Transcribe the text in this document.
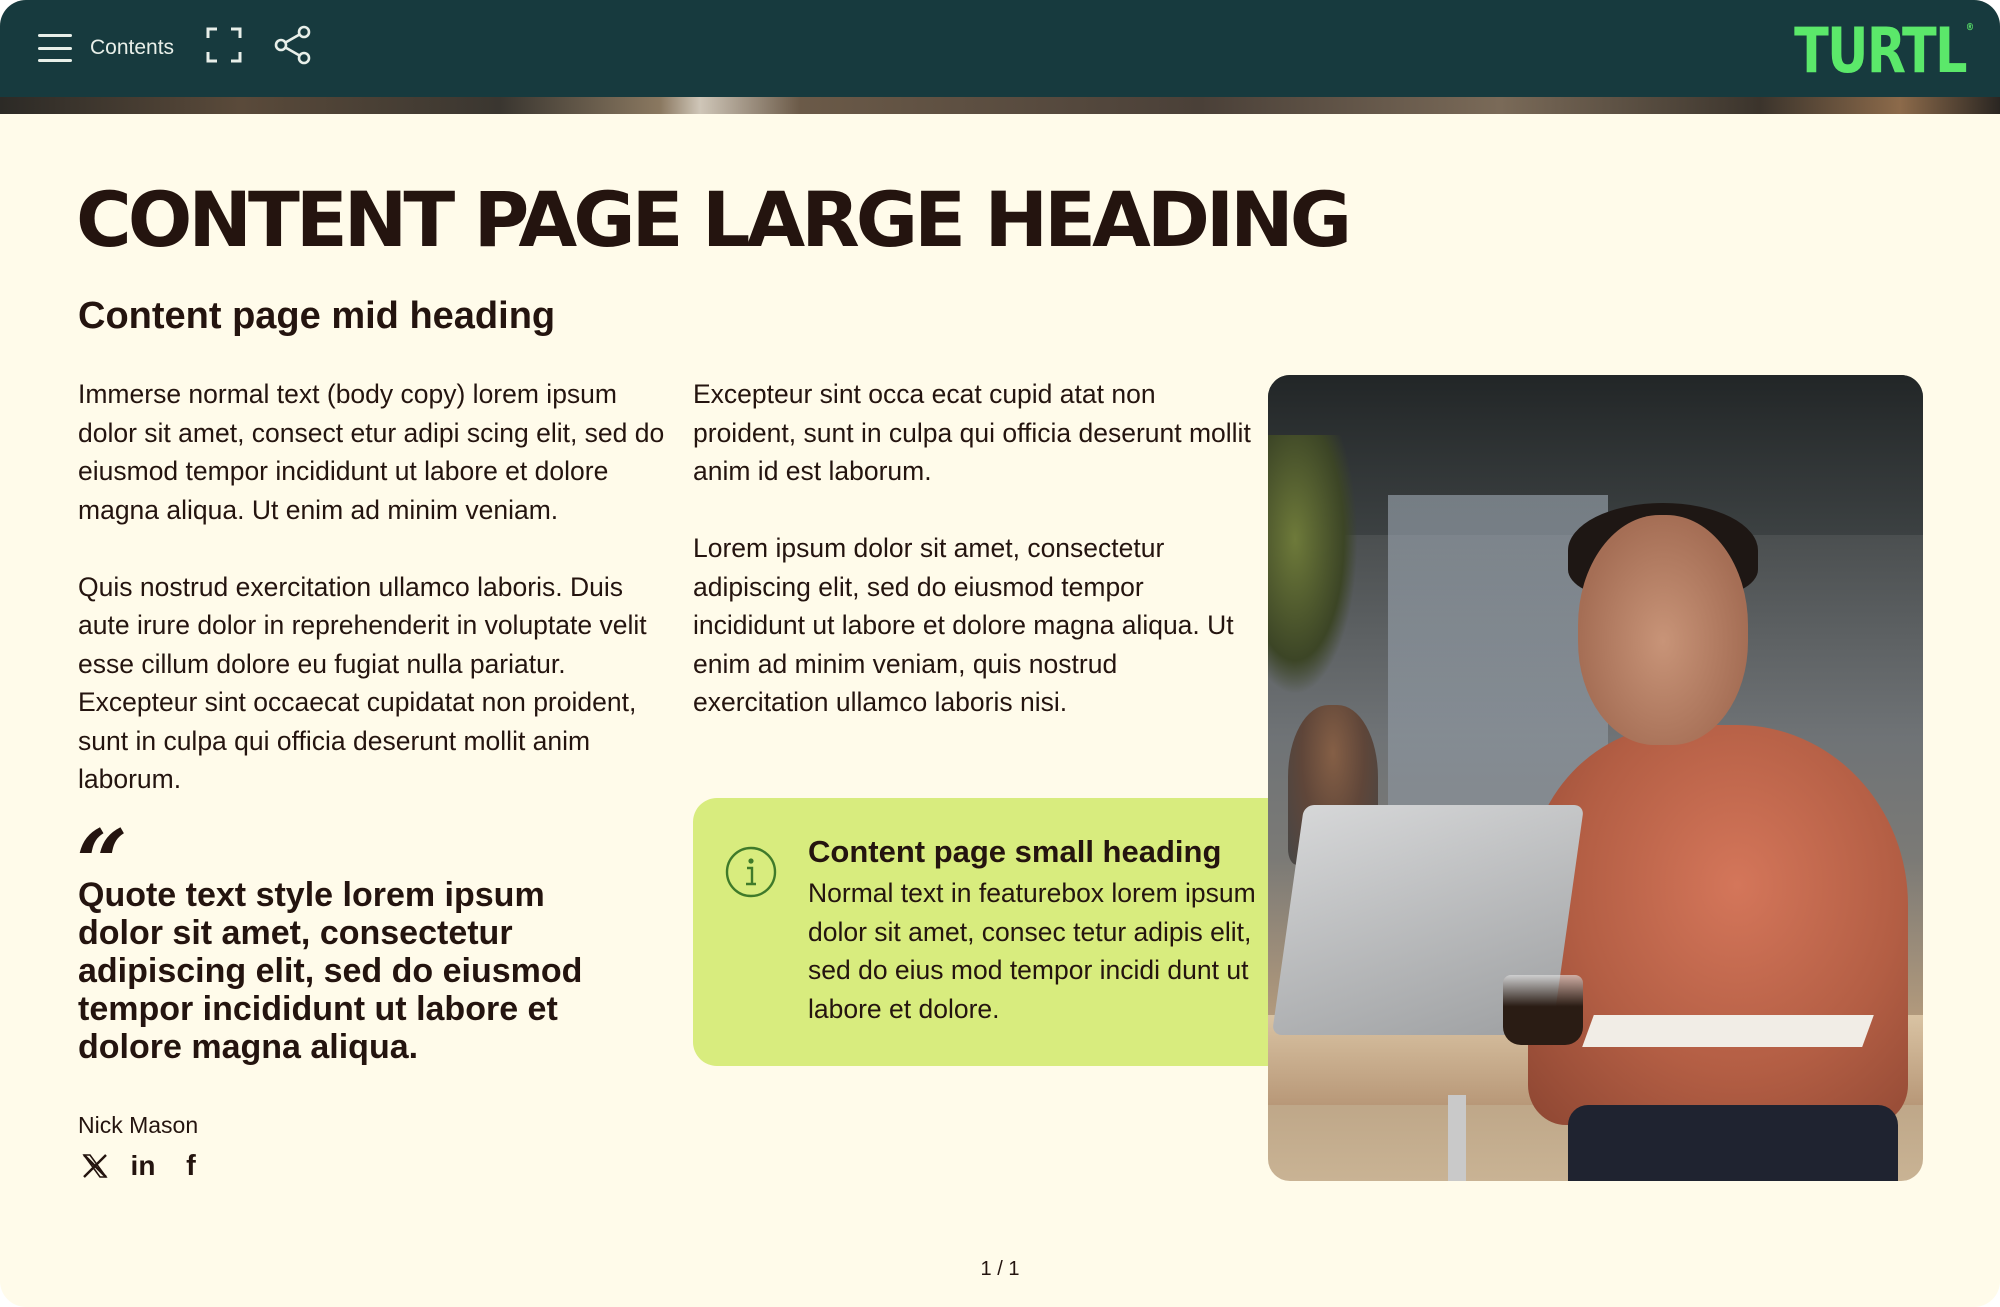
Contents	TURTL®
CONTENT PAGE LARGE HEADING
Content page mid heading

Immerse normal text (body copy) lorem ipsum dolor sit amet, consect etur adipi scing elit, sed do eiusmod tempor incididunt ut labore et dolore magna aliqua. Ut enim ad minim veniam.

Quis nostrud exercitation ullamco laboris. Duis aute irure dolor in reprehenderit in voluptate velit esse cillum dolore eu fugiat nulla pariatur. Excepteur sint occaecat cupidatat non proident, sunt in culpa qui officia deserunt mollit anim laborum.

Excepteur sint occa ecat cupid atat non proident, sunt in culpa qui officia deserunt mollit anim id est laborum.

Lorem ipsum dolor sit amet, consectetur adipiscing elit, sed do eiusmod tempor incididunt ut labore et dolore magna aliqua. Ut enim ad minim veniam, quis nostrud exercitation ullamco laboris nisi.

Quote text style lorem ipsum dolor sit amet, consectetur adipiscing elit, sed do eiusmod tempor incididunt ut labore et dolore magna aliqua.
Nick Mason
in	f
Content page small heading
Normal text in featurebox lorem ipsum dolor sit amet, consec tetur adipis elit, sed do eius mod tempor incidi dunt ut labore et dolore.
1 / 1
